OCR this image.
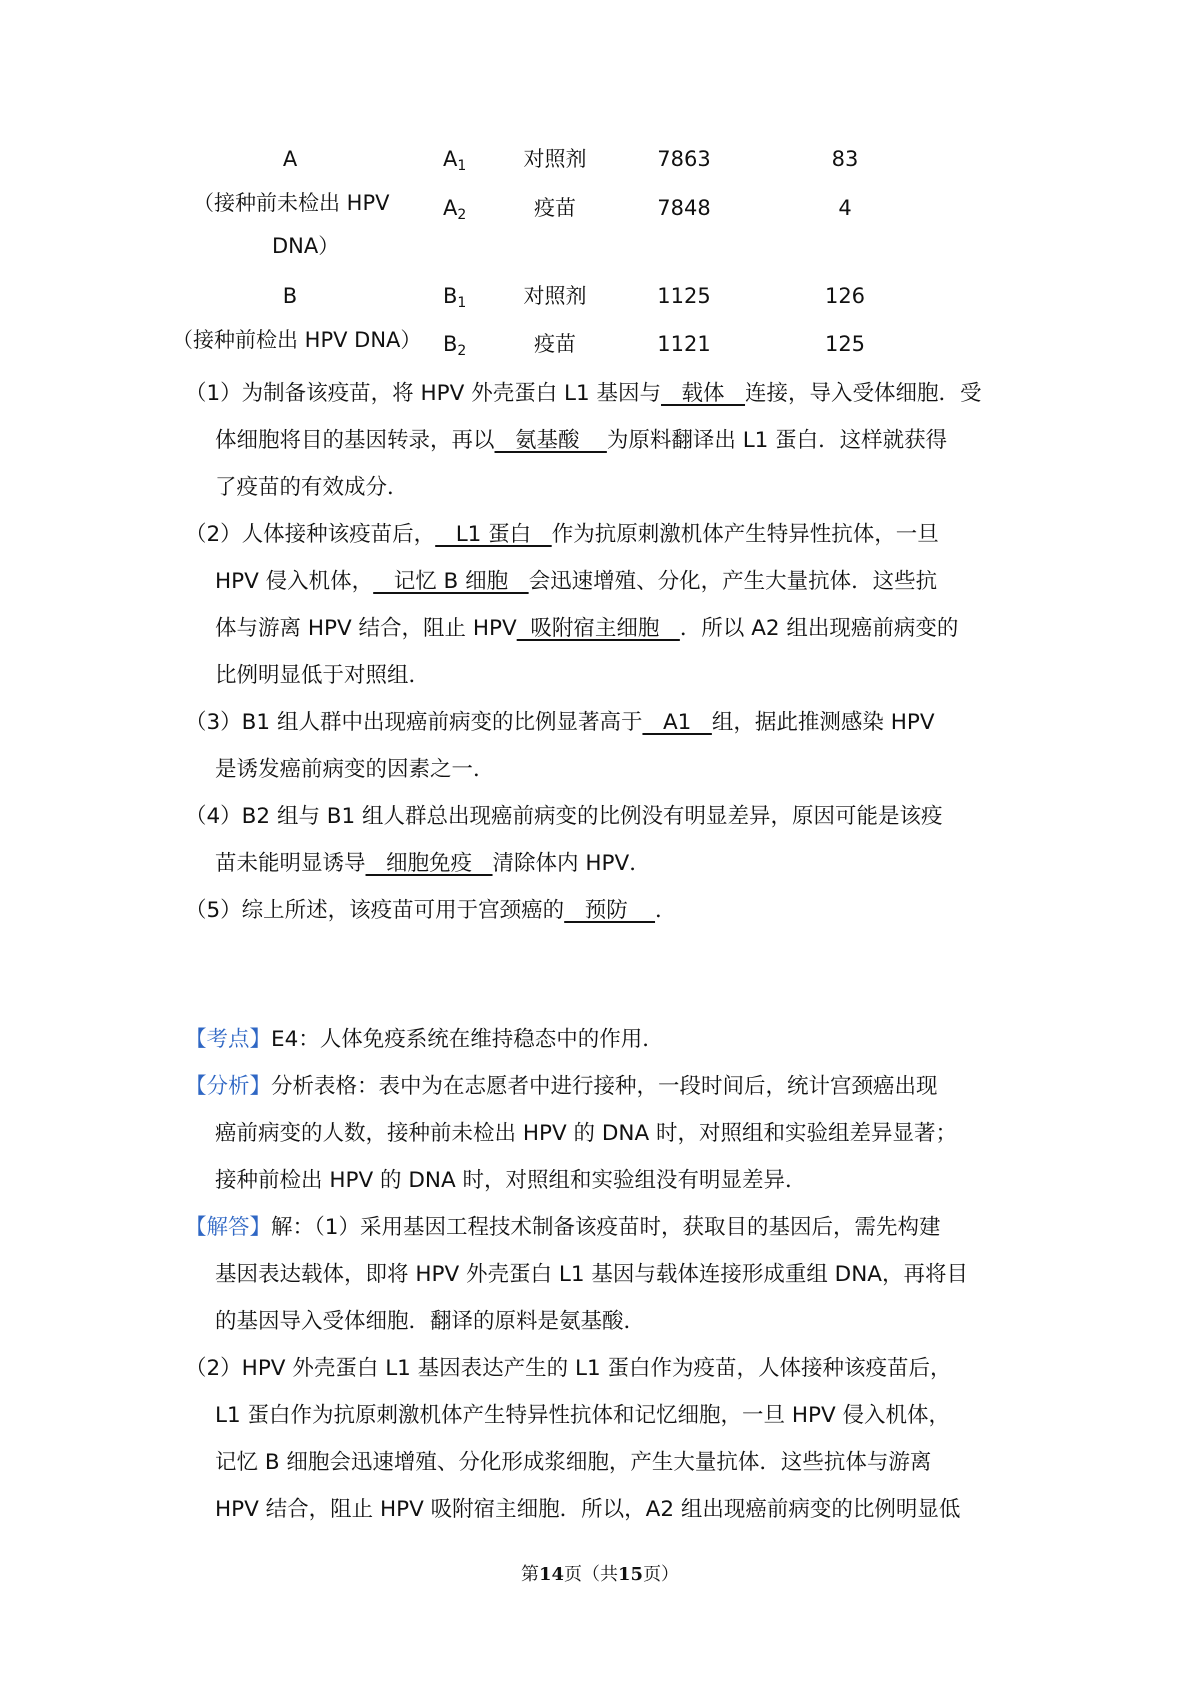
A	$A_1$	对照剂	7863	83
（接种前未检出 HPV	$A_2$	疫苗	7848	4
DNA）
B	$B_1$	对照剂	1125	126
（接种前检出 HPV DNA） $B_2$	疫苗	1121	125
（1）为制备该疫苗，将 HPV 外壳蛋白 L1 基因与   载体   连接，导入受体细胞．受
体细胞将目的基因转录，再以   氨基酸    为原料翻译出 L1 蛋白．这样就获得
了疫苗的有效成分．
（2）人体接种该疫苗后，   L1 蛋白   作为抗原刺激机体产生特异性抗体，一旦
HPV 侵入机体，   记忆 B 细胞   会迅速增殖、分化，产生大量抗体．这些抗
体与游离 HPV 结合，阻止 HPV  吸附宿主细胞   ．所以 A2 组出现癌前病变的
比例明显低于对照组．
（3）B1 组人群中出现癌前病变的比例显著高于   A1   组，据此推测感染 HPV
是诱发癌前病变的因素之一．
（4）B2 组与 B1 组人群总出现癌前病变的比例没有明显差异，原因可能是该疫
苗未能明显诱导   细胞免疫   清除体内 HPV．
（5）综上所述，该疫苗可用于宫颈癌的   预防    ．
【考点】E4：人体免疫系统在维持稳态中的作用．
【分析】分析表格：表中为在志愿者中进行接种，一段时间后，统计宫颈癌出现
癌前病变的人数，接种前未检出 HPV 的 DNA 时，对照组和实验组差异显著；
接种前检出 HPV 的 DNA 时，对照组和实验组没有明显差异．
【解答】解：（1）采用基因工程技术制备该疫苗时，获取目的基因后，需先构建
基因表达载体，即将 HPV 外壳蛋白 L1 基因与载体连接形成重组 DNA，再将目
的基因导入受体细胞．翻译的原料是氨基酸．
（2）HPV 外壳蛋白 L1 基因表达产生的 L1 蛋白作为疫苗，人体接种该疫苗后，
L1 蛋白作为抗原刺激机体产生特异性抗体和记忆细胞，一旦 HPV 侵入机体，
记忆 B 细胞会迅速增殖、分化形成浆细胞，产生大量抗体．这些抗体与游离
HPV 结合，阻止 HPV 吸附宿主细胞．所以，A2 组出现癌前病变的比例明显低
第14页（共15页）
